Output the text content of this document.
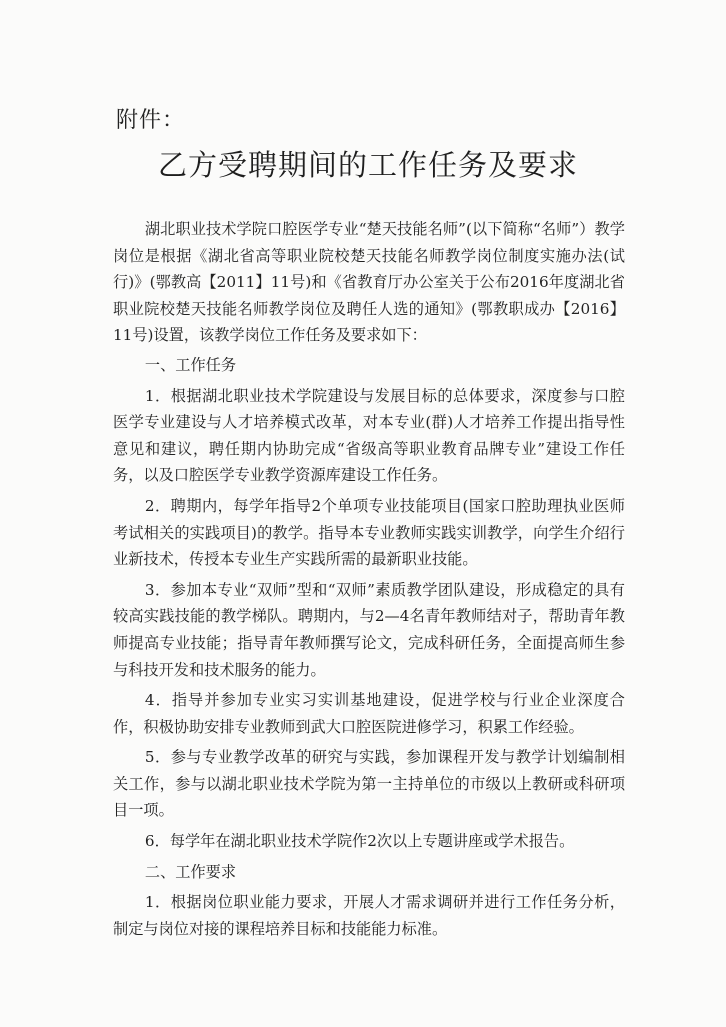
附件：
乙方受聘期间的工作任务及要求

湖北职业技术学院口腔医学专业“楚天技能名师”(以下简称“名师”）教学岗位是根据《湖北省高等职业院校楚天技能名师教学岗位制度实施办法(试行)》(鄂教高【2011】11号)和《省教育厅办公室关于公布2016年度湖北省职业院校楚天技能名师教学岗位及聘任人选的通知》(鄂教职成办【2016】11号)设置，该教学岗位工作任务及要求如下：

一、工作任务

1．根据湖北职业技术学院建设与发展目标的总体要求，深度参与口腔医学专业建设与人才培养模式改革，对本专业(群)人才培养工作提出指导性意见和建议，聘任期内协助完成“省级高等职业教育品牌专业”建设工作任务，以及口腔医学专业教学资源库建设工作任务。

2．聘期内，每学年指导2个单项专业技能项目(国家口腔助理执业医师考试相关的实践项目)的教学。指导本专业教师实践实训教学，向学生介绍行业新技术，传授本专业生产实践所需的最新职业技能。

3．参加本专业“双师”型和“双师”素质教学团队建设，形成稳定的具有较高实践技能的教学梯队。聘期内，与2—4名青年教师结对子，帮助青年教师提高专业技能；指导青年教师撰写论文，完成科研任务，全面提高师生参与科技开发和技术服务的能力。

4．指导并参加专业实习实训基地建设，促进学校与行业企业深度合作，积极协助安排专业教师到武大口腔医院进修学习，积累工作经验。

5．参与专业教学改革的研究与实践，参加课程开发与教学计划编制相关工作，参与以湖北职业技术学院为第一主持单位的市级以上教研或科研项目一项。

6．每学年在湖北职业技术学院作2次以上专题讲座或学术报告。

二、工作要求

1．根据岗位职业能力要求，开展人才需求调研并进行工作任务分析，制定与岗位对接的课程培养目标和技能能力标准。
